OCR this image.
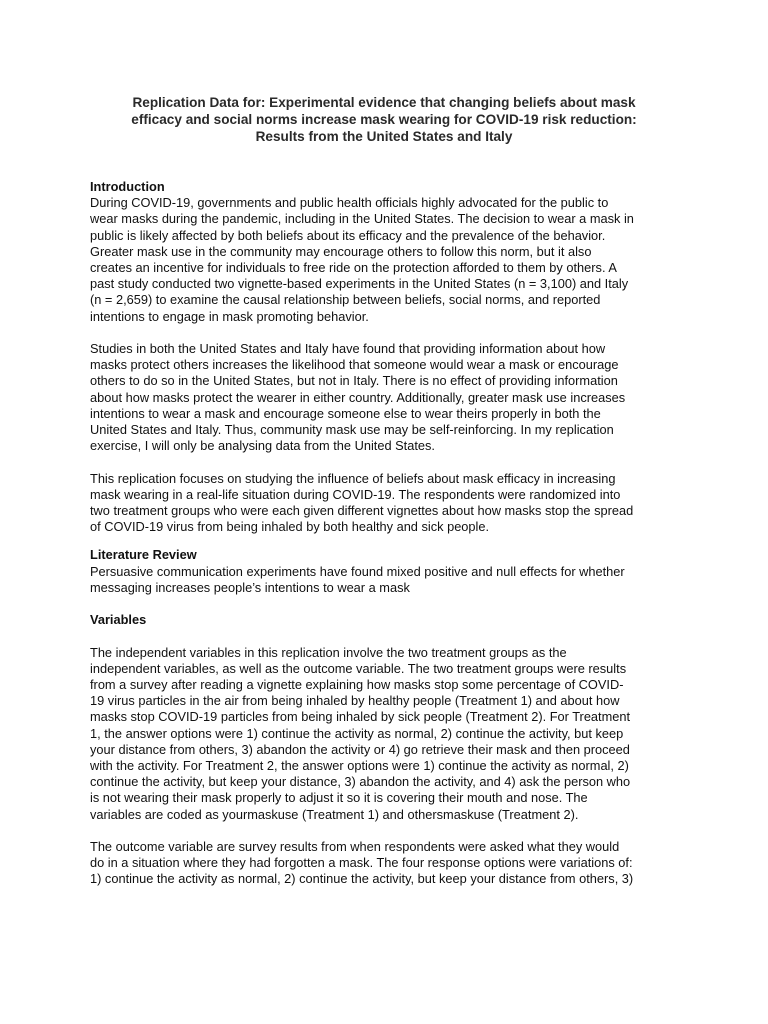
Replication Data for: Experimental evidence that changing beliefs about mask
efficacy and social norms increase mask wearing for COVID-19 risk reduction:
Results from the United States and Italy
Introduction

During COVID-19, governments and public health officials highly advocated for the public to
wear masks during the pandemic, including in the United States. The decision to wear a mask in
public is likely affected by both beliefs about its efficacy and the prevalence of the behavior.
Greater mask use in the community may encourage others to follow this norm, but it also
creates an incentive for individuals to free ride on the protection afforded to them by others. A
past study conducted two vignette-based experiments in the United States (n = 3,100) and Italy
(n = 2,659) to examine the causal relationship between beliefs, social norms, and reported
intentions to engage in mask promoting behavior.

Studies in both the United States and Italy have found that providing information about how
masks protect others increases the likelihood that someone would wear a mask or encourage
others to do so in the United States, but not in Italy. There is no effect of providing information
about how masks protect the wearer in either country. Additionally, greater mask use increases
intentions to wear a mask and encourage someone else to wear theirs properly in both the
United States and Italy. Thus, community mask use may be self-reinforcing. In my replication
exercise, I will only be analysing data from the United States.

This replication focuses on studying the influence of beliefs about mask efficacy in increasing
mask wearing in a real-life situation during COVID-19. The respondents were randomized into
two treatment groups who were each given different vignettes about how masks stop the spread
of COVID-19 virus from being inhaled by both healthy and sick people.

Literature Review

Persuasive communication experiments have found mixed positive and null effects for whether
messaging increases people’s intentions to wear a mask

Variables

The independent variables in this replication involve the two treatment groups as the
independent variables, as well as the outcome variable. The two treatment groups were results
from a survey after reading a vignette explaining how masks stop some percentage of COVID-
19 virus particles in the air from being inhaled by healthy people (Treatment 1) and about how
masks stop COVID-19 particles from being inhaled by sick people (Treatment 2). For Treatment
1, the answer options were 1) continue the activity as normal, 2) continue the activity, but keep
your distance from others, 3) abandon the activity or 4) go retrieve their mask and then proceed
with the activity. For Treatment 2, the answer options were 1) continue the activity as normal, 2)
continue the activity, but keep your distance, 3) abandon the activity, and 4) ask the person who
is not wearing their mask properly to adjust it so it is covering their mouth and nose. The
variables are coded as yourmaskuse (Treatment 1) and othersmaskuse (Treatment 2).

The outcome variable are survey results from when respondents were asked what they would
do in a situation where they had forgotten a mask. The four response options were variations of:
1) continue the activity as normal, 2) continue the activity, but keep your distance from others, 3)
